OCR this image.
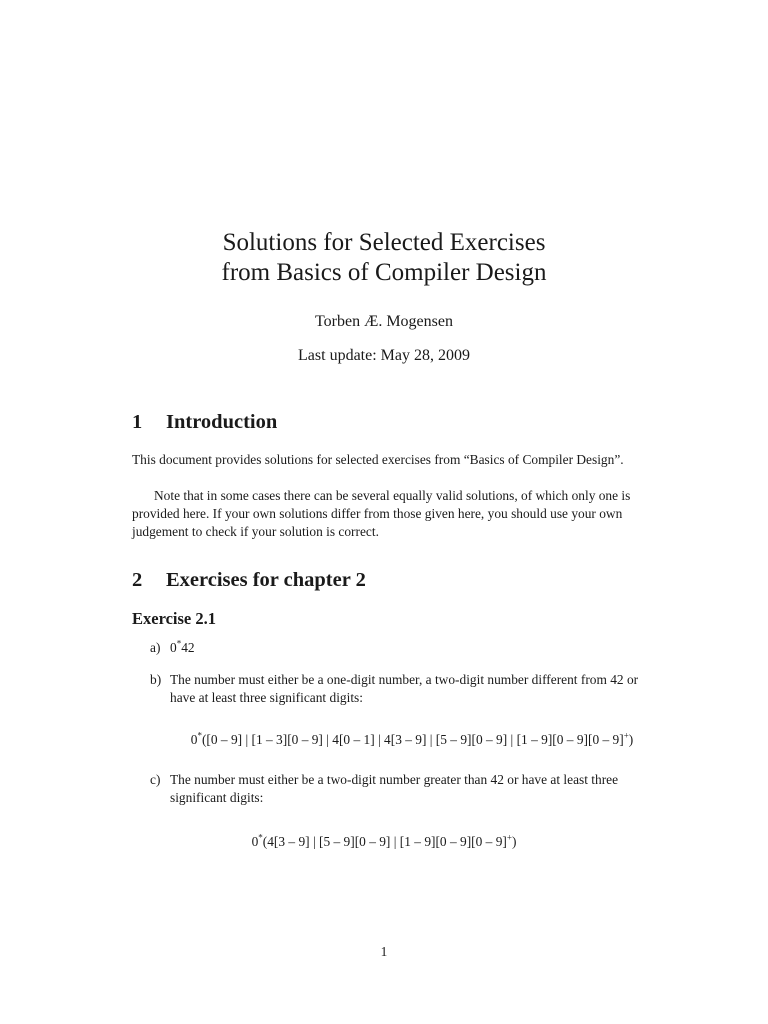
Solutions for Selected Exercises
from Basics of Compiler Design
Torben Æ. Mogensen
Last update: May 28, 2009
1 Introduction

This document provides solutions for selected exercises from “Basics of Compiler Design”.

Note that in some cases there can be several equally valid solutions, of which only one is provided here. If your own solutions differ from those given here, you should use your own judgement to check if your solution is correct.

2 Exercises for chapter 2
Exercise 2.1
a) 0*42
b) The number must either be a one-digit number, a two-digit number different from 42 or have at least three significant digits:
0*([0 – 9] | [1 – 3][0 – 9] | 4[0 – 1] | 4[3 – 9] | [5 – 9][0 – 9] | [1 – 9][0 – 9][0 – 9]+)
c) The number must either be a two-digit number greater than 42 or have at least three significant digits:
0*(4[3 – 9] | [5 – 9][0 – 9] | [1 – 9][0 – 9][0 – 9]+)
1
